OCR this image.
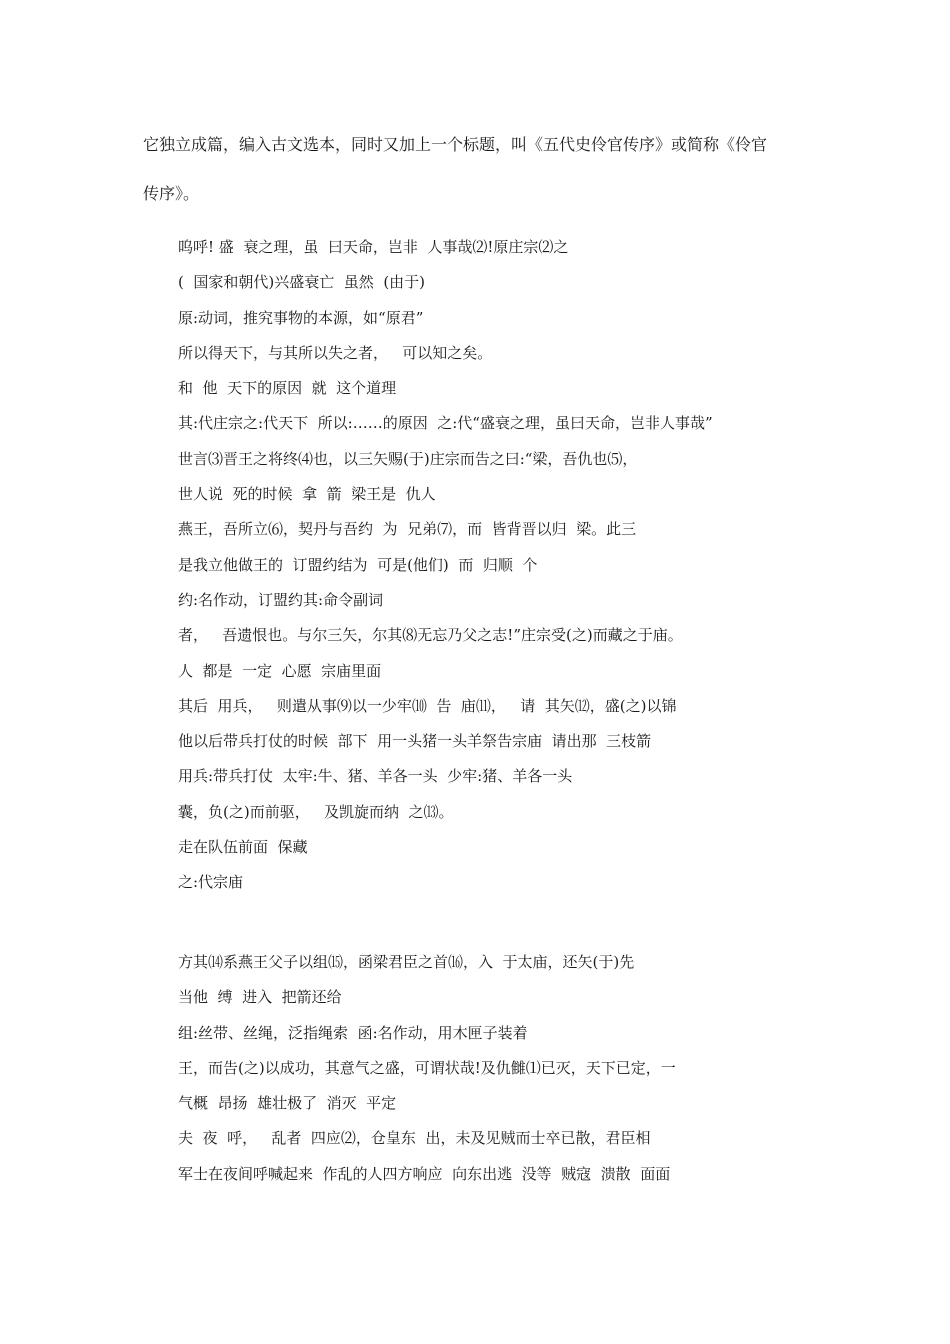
它独立成篇，编入古文选本，同时又加上一个标题，叫《五代史伶官传序》或简称《伶官
传序》。
呜呼! 盛  衰之理，虽  曰天命，岂非  人事哉⑵!原庄宗⑵之
(  国家和朝代)兴盛衰亡  虽然  (由于)
原:动词，推究事物的本源，如“原君”
所以得天下，与其所以失之者，   可以知之矣。
和  他  天下的原因  就  这个道理
其:代庄宗之:代天下  所以:……的原因  之:代“盛衰之理，虽曰天命，岂非人事哉”
世言⑶晋王之将终⑷也，以三矢赐(于)庄宗而告之曰:“梁，吾仇也⑸，
世人说  死的时候  拿  箭  梁王是  仇人
燕王，吾所立⑹，契丹与吾约  为  兄弟⑺，而  皆背晋以归  梁。此三
是我立他做王的  订盟约结为  可是(他们)  而  归顺  个
约:名作动，订盟约其:命令副词
者，   吾遗恨也。与尔三矢，尔其⑻无忘乃父之志!”庄宗受(之)而藏之于庙。
人  都是  一定  心愿  宗庙里面
其后  用兵，   则遣从事⑼以一少牢⑽  告  庙⑾，   请  其矢⑿，盛(之)以锦
他以后带兵打仗的时候  部下  用一头猪一头羊祭告宗庙  请出那  三枝箭
用兵:带兵打仗  太牢:牛、猪、羊各一头  少牢:猪、羊各一头
囊，负(之)而前驱，   及凯旋而纳  之⒀。
走在队伍前面  保藏
之:代宗庙
方其⒁系燕王父子以组⒂，函梁君臣之首⒃，入  于太庙，还矢(于)先
当他  缚  进入  把箭还给
组:丝带、丝绳，泛指绳索  函:名作动，用木匣子装着
王，而告(之)以成功，其意气之盛，可谓状哉!及仇雠⑴已灭，天下已定，一
气概  昂扬  雄壮极了  消灭  平定
夫  夜  呼，   乱者  四应⑵，仓皇东  出，未及见贼而士卒已散，君臣相
军士在夜间呼喊起来  作乱的人四方响应  向东出逃  没等  贼寇  溃散  面面
